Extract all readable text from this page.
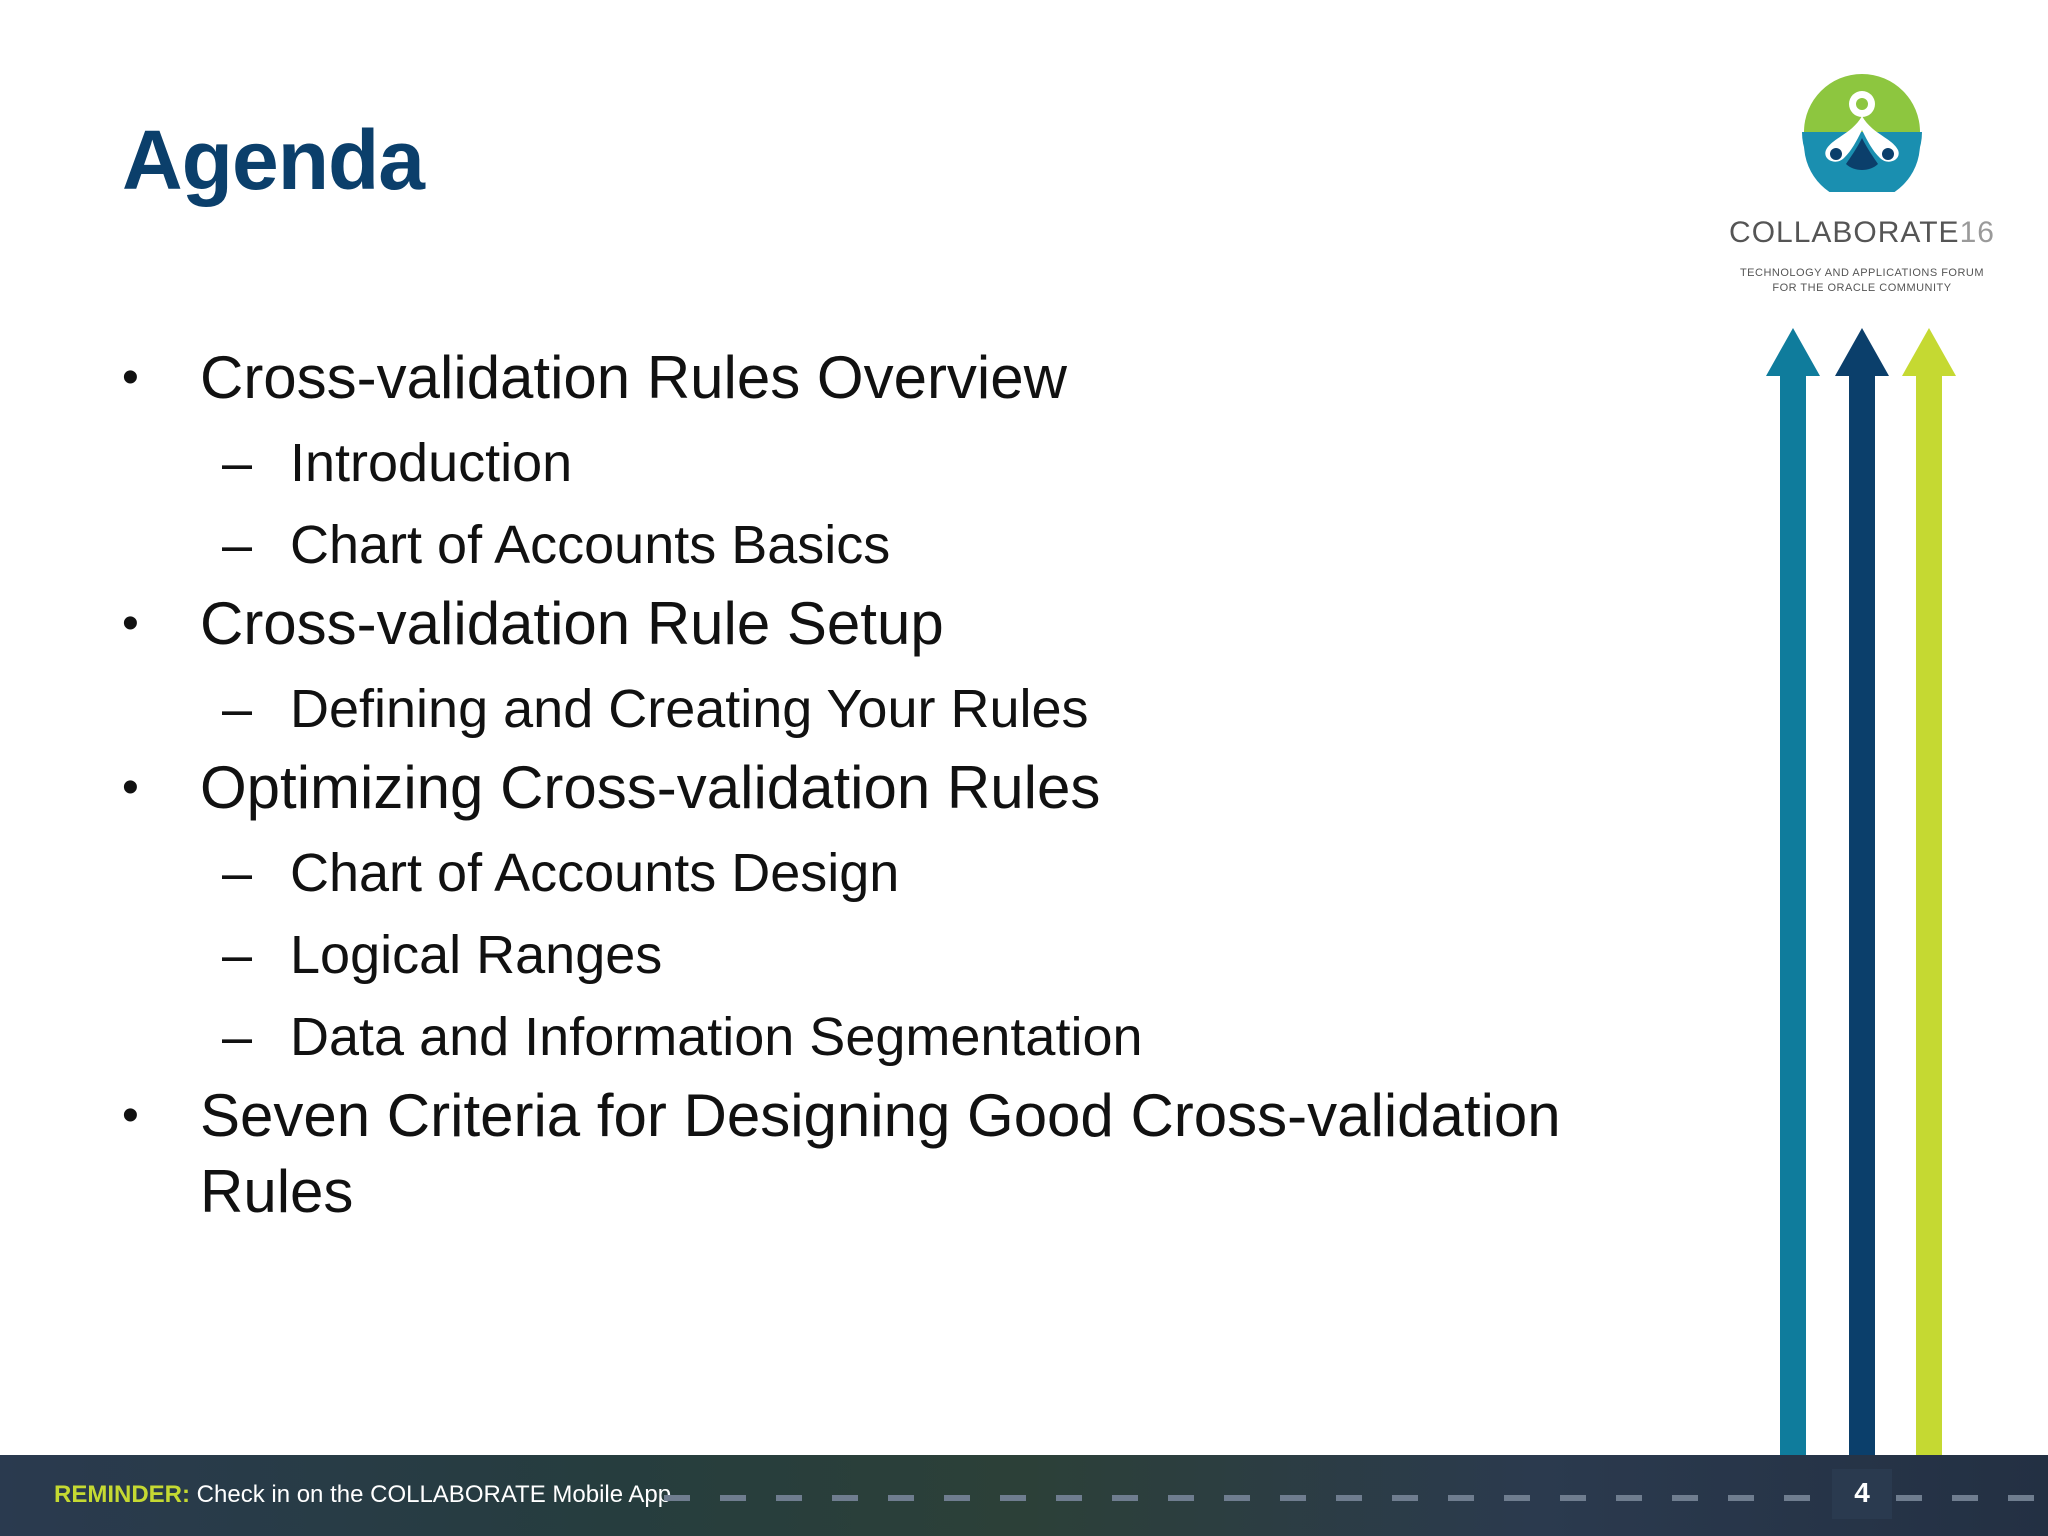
Agenda
• Cross-validation Rules Overview
– Introduction
– Chart of Accounts Basics
• Cross-validation Rule Setup
– Defining and Creating Your Rules
• Optimizing Cross-validation Rules
– Chart of Accounts Design
– Logical Ranges
– Data and Information Segmentation
• Seven Criteria for Designing Good Cross-validation Rules
COLLABORATE16
TECHNOLOGY AND APPLICATIONS FORUM
FOR THE ORACLE COMMUNITY
REMINDER: Check in on the COLLABORATE Mobile App	4
